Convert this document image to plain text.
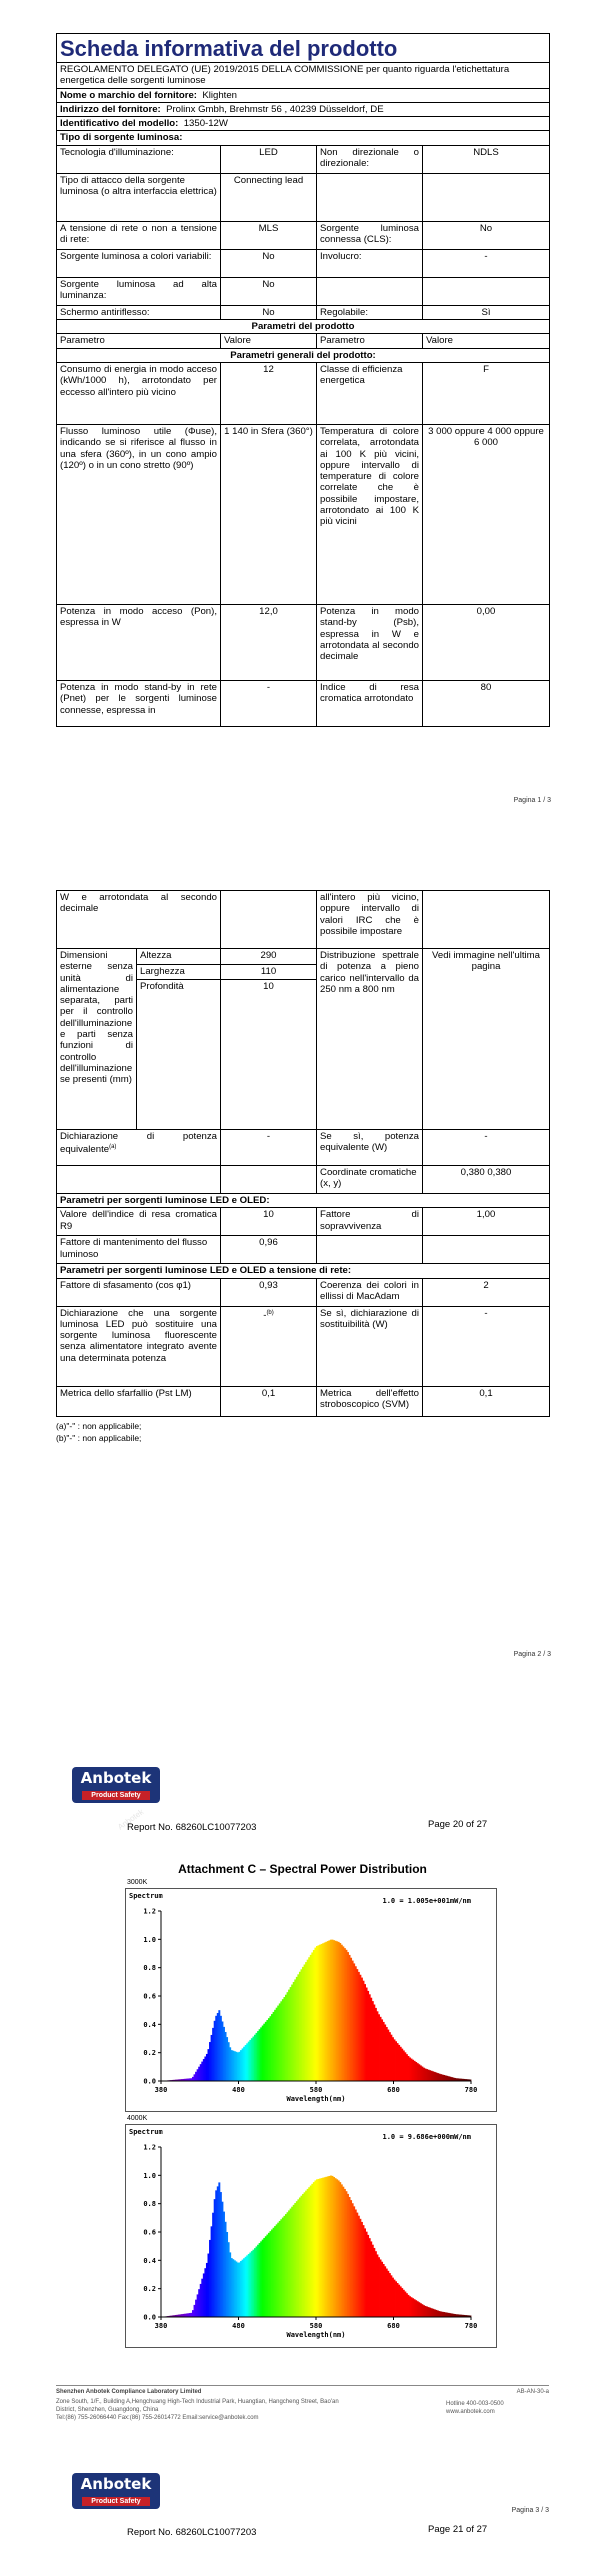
Scheda informativa del prodotto			
REGOLAMENTO DELEGATO (UE) 2019/2015 DELLA COMMISSIONE per quanto riguarda l'etichettatura energetica delle sorgenti luminose			
Nome o marchio del fornitore: Klighten			
Indirizzo del fornitore: Prolinx Gmbh, Brehmstr 56 , 40239 Düsseldorf, DE			
Identificativo del modello: 1350-12W			
Tipo di sorgente luminosa:			
Tecnologia d'illuminazione:	LED	Non direzionale o direzionale:	NDLS
Tipo di attacco della sorgente luminosa (o altra interfaccia elettrica)	Connecting lead		
A tensione di rete o non a tensione di rete:	MLS	Sorgente luminosa connessa (CLS):	No
Sorgente luminosa a colori variabili:	No	Involucro:	-
Sorgente luminosa ad alta luminanza:	No		
Schermo antiriflesso:	No	Regolabile:	Sì
Parametri del prodotto			
Parametro	Valore	Parametro	Valore
Parametri generali del prodotto:			
Consumo di energia in modo acceso (kWh/1000 h), arrotondato per eccesso all'intero più vicino	12	Classe di efficienza energetica	F
Flusso luminoso utile (Φuse), indicando se si riferisce al flusso in una sfera (360º), in un cono ampio (120º) o in un cono stretto (90º)	1 140 in Sfera (360°)	Temperatura di colore correlata, arrotondata ai 100 K più vicini, oppure intervallo di temperature di colore correlate che è possibile impostare, arrotondato ai 100 K più vicini	3 000 oppure 4 000 oppure 6 000
Potenza in modo acceso (Pon), espressa in W	12,0	Potenza in modo stand-by (Psb), espressa in W e arrotondata al secondo decimale	0,00
Potenza in modo stand-by in rete (Pnet) per le sorgenti luminose connesse, espressa in	-	Indice di resa cromatica arrotondato	80
Pagina 1 / 3
W e arrotondata al secondo decimale			all'intero più vicino, oppure intervallo di valori IRC che è possibile impostare	
Dimensioni esterne senza unità di alimentazione separata, parti per il controllo dell'illuminazione e parti senza funzioni di controllo dell'illuminazione se presenti (mm)	Altezza	290	Distribuzione spettrale di potenza a pieno carico nell'intervallo da 250 nm a 800 nm	Vedi immagine nell'ultima pagina
	Larghezza	110		
	Profondità	10		
Dichiarazione di potenza equivalente$^{(a)}$		-	Se sì, potenza equivalente (W)	-
			Coordinate cromatiche (x, y)	0,380 0,380
Parametri per sorgenti luminose LED e OLED:				
Valore dell'indice di resa cromatica R9		10	Fattore di sopravvivenza	1,00
Fattore di mantenimento del flusso luminoso		0,96		
Parametri per sorgenti luminose LED e OLED a tensione di rete:				
Fattore di sfasamento (cos φ1)		0,93	Coerenza dei colori in ellissi di MacAdam	2
Dichiarazione che una sorgente luminosa LED può sostituire una sorgente luminosa fluorescente senza alimentatore integrato avente una determinata potenza		-$^{(b)}$	Se sì, dichiarazione di sostituibilità (W)	-
Metrica dello sfarfallio (Pst LM)		0,1	Metrica dell'effetto stroboscopico (SVM)	0,1
(a)"-" : non applicabile;
(b)"-" : non applicabile;
Pagina 2 / 3
Anbotek
Anbotek
Product Safety
Report No. 68260LC10077203	Page 20 of 27
Attachment C – Spectral Power Distribution
3000K
Spectrum
1.0 = 1.005e+001mW/nm
0.0
0.2
0.4
0.6
0.8
1.0
1.2
380	480	580	680	780
Wavelength(nm)
4000K
Spectrum
1.0 = 9.686e+000mW/nm
0.0
0.2
0.4
0.6
0.8
1.0
1.2
380	480	580	680	780
Wavelength(nm)
Shenzhen Anbotek Compliance Laboratory Limited	AB-AN-30-a
Zone South, 1/F., Building A,Hengchuang High-Tech Industrial Park, Huangtian, Hangcheng Street, Bao'an District, Shenzhen, Guangdong, China
Tel:(86) 755-26066440 Fax:(86) 755-26014772 Email:service@anbotek.com
Hotline 400-003-0500 www.anbotek.com
Pagina 3 / 3
Anbotek
Product Safety
Report No. 68260LC10077203	Page 21 of 27
